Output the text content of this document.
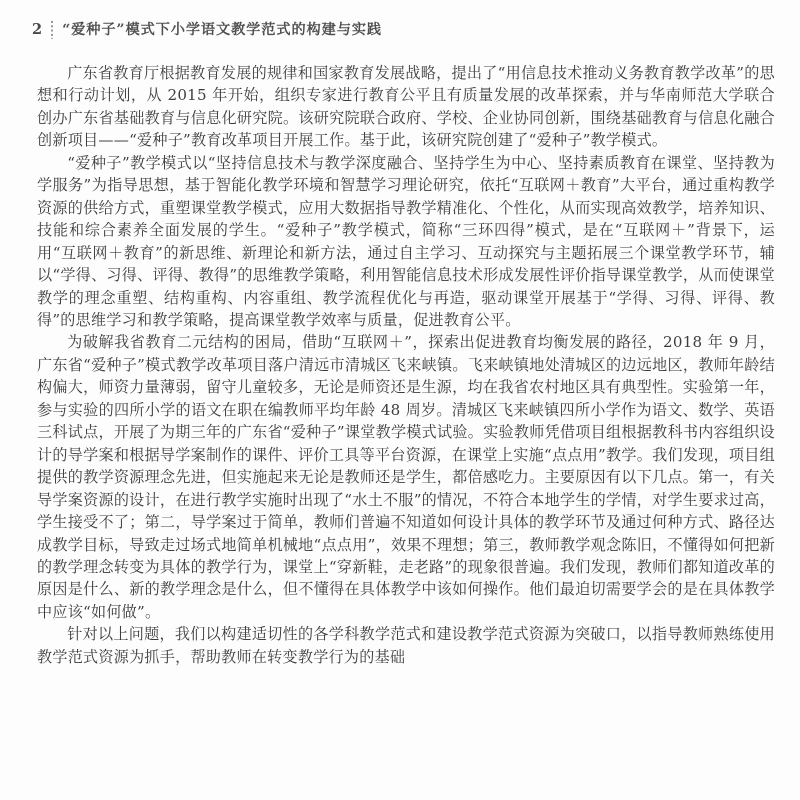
2	“爱种子”模式下小学语文教学范式的构建与实践

广东省教育厅根据教育发展的规律和国家教育发展战略，提出了“用信息技术推动义务教育教学改革”的思想和行动计划，从 2015 年开始，组织专家进行教育公平且有质量发展的改革探索，并与华南师范大学联合创办广东省基础教育与信息化研究院。该研究院联合政府、学校、企业协同创新，围绕基础教育与信息化融合创新项目——“爱种子”教育改革项目开展工作。基于此，该研究院创建了“爱种子”教学模式。

“爱种子”教学模式以“坚持信息技术与教学深度融合、坚持学生为中心、坚持素质教育在课堂、坚持教为学服务”为指导思想，基于智能化教学环境和智慧学习理论研究，依托“互联网＋教育”大平台，通过重构教学资源的供给方式，重塑课堂教学模式，应用大数据指导教学精准化、个性化，从而实现高效教学，培养知识、技能和综合素养全面发展的学生。“爱种子”教学模式，简称“三环四得”模式，是在“互联网＋”背景下，运用“互联网＋教育”的新思维、新理论和新方法，通过自主学习、互动探究与主题拓展三个课堂教学环节，辅以“学得、习得、评得、教得”的思维教学策略，利用智能信息技术形成发展性评价指导课堂教学，从而使课堂教学的理念重塑、结构重构、内容重组、教学流程优化与再造，驱动课堂开展基于“学得、习得、评得、教得”的思维学习和教学策略，提高课堂教学效率与质量，促进教育公平。

为破解我省教育二元结构的困局，借助“互联网＋”，探索出促进教育均衡发展的路径，2018 年 9 月，广东省“爱种子”模式教学改革项目落户清远市清城区飞来峡镇。飞来峡镇地处清城区的边远地区，教师年龄结构偏大，师资力量薄弱，留守儿童较多，无论是师资还是生源，均在我省农村地区具有典型性。实验第一年，参与实验的四所小学的语文在职在编教师平均年龄 48 周岁。清城区飞来峡镇四所小学作为语文、数学、英语三科试点，开展了为期三年的广东省“爱种子”课堂教学模式试验。实验教师凭借项目组根据教科书内容组织设计的导学案和根据导学案制作的课件、评价工具等平台资源，在课堂上实施“点点用”教学。我们发现，项目组提供的教学资源理念先进，但实施起来无论是教师还是学生，都倍感吃力。主要原因有以下几点。第一，有关导学案资源的设计，在进行教学实施时出现了“水土不服”的情况，不符合本地学生的学情，对学生要求过高，学生接受不了；第二，导学案过于简单，教师们普遍不知道如何设计具体的教学环节及通过何种方式、路径达成教学目标，导致走过场式地简单机械地“点点用”，效果不理想；第三，教师教学观念陈旧，不懂得如何把新的教学理念转变为具体的教学行为，课堂上“穿新鞋，走老路”的现象很普遍。我们发现，教师们都知道改革的原因是什么、新的教学理念是什么，但不懂得在具体教学中该如何操作。他们最迫切需要学会的是在具体教学中应该“如何做”。

针对以上问题，我们以构建适切性的各学科教学范式和建设教学范式资源为突破口，以指导教师熟练使用教学范式资源为抓手，帮助教师在转变教学行为的基础
